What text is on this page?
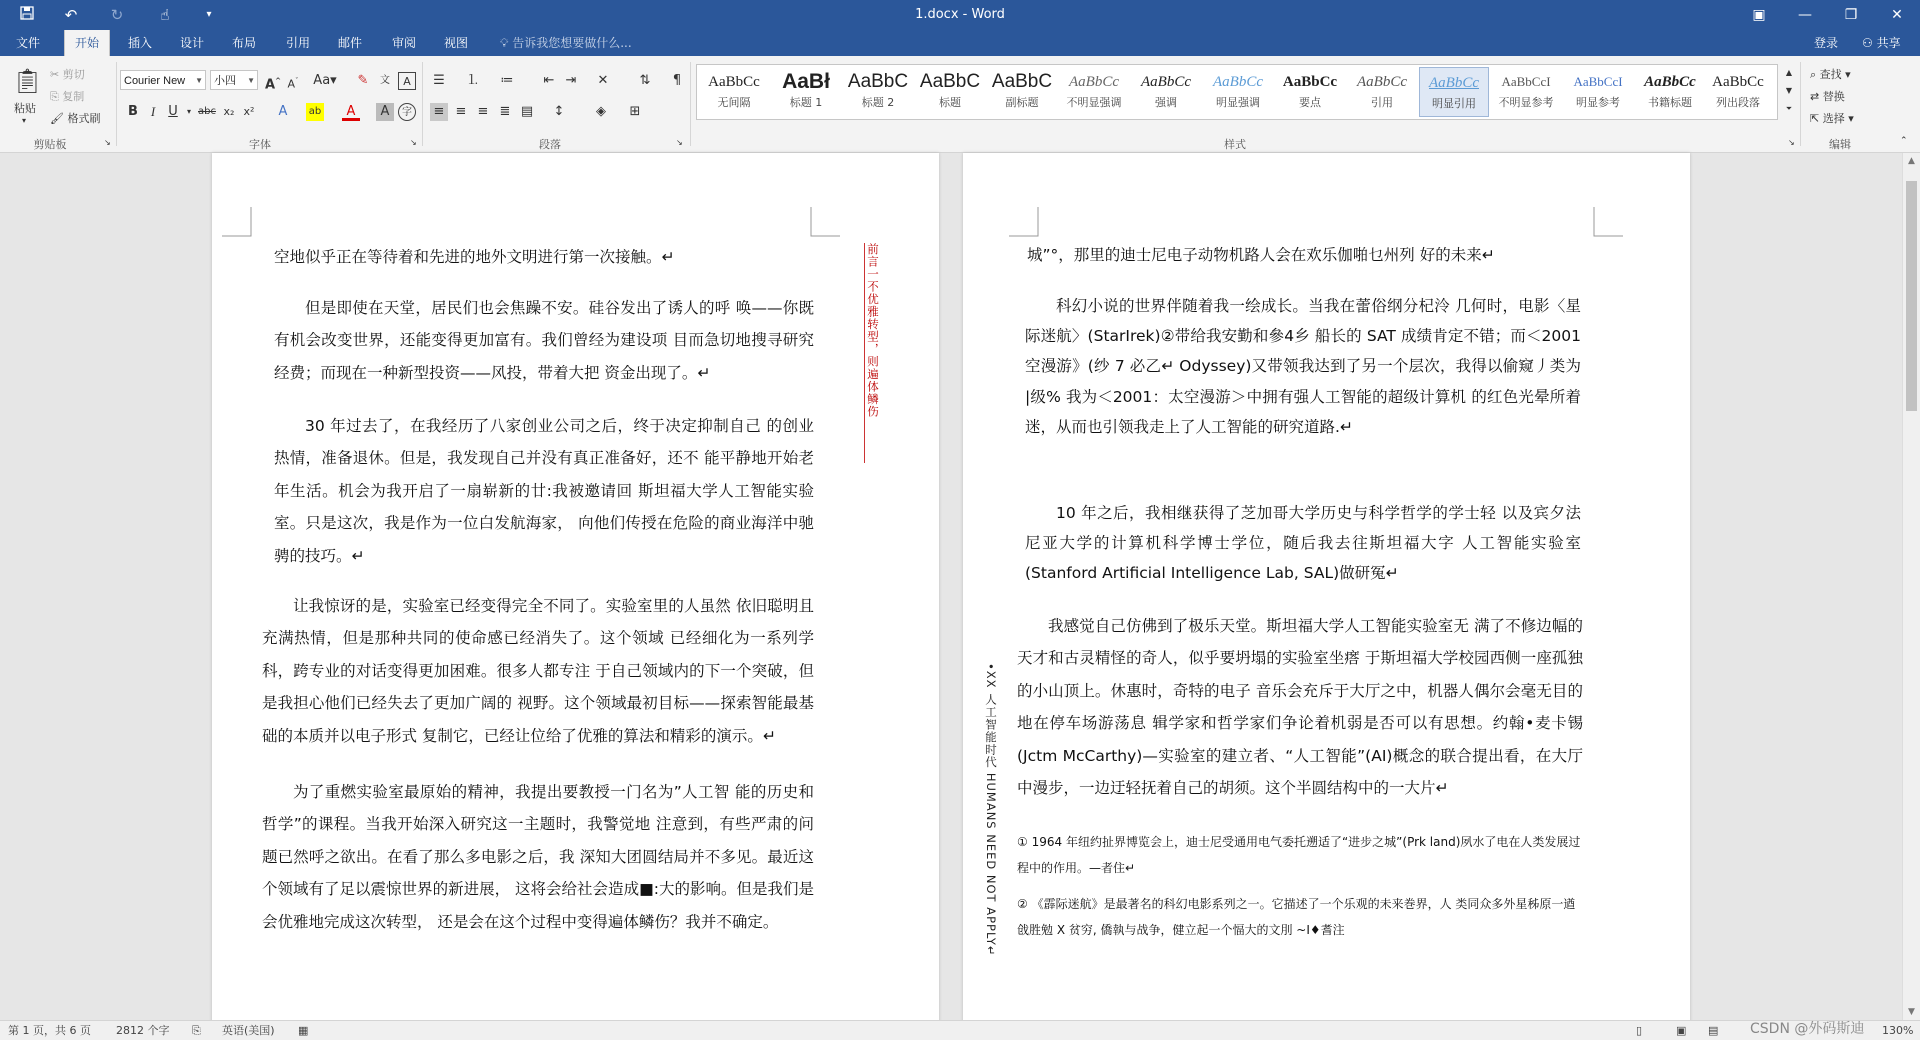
1.docx - Word
↶	↻	☝	▾	▣	—	❐	✕
文件	开始	插入	设计	布局	引用	邮件	审阅	视图	💡︎ 告诉我您想要做什么...	登录	⚇ 共享
📋︎
粘贴
▾
✂ 剪切
⎘ 复制
🖌︎ 格式刷
剪贴板	↘
Courier New ▼	小四 ▼ A^ $A^ˇ$ Aa▾ ✎	文	A
B I	U	▾ abc x₂ x²	A	ab	A	A	字
字体	↘
☰ ⒈ ≔ ⇤ ⇥ ✕ ⇅	¶
≡ ≡ ≡ ≣ ▤ ↕	◈	⊞
段落	↘
AaBbCc
无间隔
AaBł
标题 1
AaBbC
标题 2
AaBbC
标题
AaBbC
副标题
AaBbCc
不明显强调
AaBbCc
强调
AaBbCc
明显强调
AaBbCc
要点
AaBbCc
引用
AaBbCc
明显引用
AaBbCcI
不明显参考
AaBbCcI
明显参考
AaBbCc
书籍标题
AaBbCc
列出段落
▲
▼
⏷
样式	↘
⌕ 查找 ▾
⇄ 替换
⇱ 选择 ▾
编辑	⌃
空地似乎正在等待着和先进的地外文明进行第一次接触。↵
但是即使在天堂，居民们也会焦躁不安。硅谷发出了诱人的呼 唤——你既有机会改变世界，还能变得更加富有。我们曾经为建设项 目而急切地搜寻研究经费；而现在一种新型投资——风投，带着大把 资金出现了。↵
30 年过去了，在我经历了八家创业公司之后，终于决定抑制自己 的创业热情，准备退休。但是，我发现自己并没有真正准备好，还不 能平静地开始老年生活。机会为我开启了一扇崭新的廿:我被邀请回 斯坦福大学人工智能实验室。只是这次，我是作为一位白发航海家， 向他们传授在危险的商业海洋中驰骋的技巧。↵
让我惊讶的是，实验室已经变得完全不同了。实验室里的人虽然 依旧聪明且充满热情，但是那种共同的使命感已经消失了。这个领域 已经细化为一系列学科，跨专业的对话变得更加困难。很多人都专注 于自己领域内的下一个突破，但是我担心他们已经失去了更加广阔的 视野。这个领域最初目标——探索智能最基础的本质并以电子形式 复制它，已经让位给了优雅的算法和精彩的演示。↵
为了重燃实验室最原始的精神，我提出要教授一门名为”人工智 能的历史和哲学”的课程。当我开始深入研究这一主题时，我警觉地 注意到，有些严肃的问题已然呼之欲出。在看了那么多电影之后，我 深知大团圆结局并不多见。最近这个领域有了足以震惊世界的新进展， 这将会给社会造成■:大的影响。但是我们是会优雅地完成这次转型， 还是会在这个过程中变得遍体鳞伤？我并不确定。
前言一不优雅转型，则遍体鳞伤	城”°，那里的迪士尼电子动物机路人会在欢乐伽啪乜州列 好的未来↵
科幻小说的世界伴随着我一绘成长。当我在蕾俗纲分杞泠 几何时，电影〈星际迷航〉(StarIrek)②带给我安勤和參4乡 船长的 SAT 成绩肯定不错；而＜2001　　　　　　　　空漫游》(纱 7 必乙↵ Odyssey)又带领我达到了另一个层次，我得以偷窥丿类为 |级% 我为＜2001：太空漫游＞中拥有强人工智能的超级计算机 的红色光晕所着迷，从而也引领我走上了人工智能的研究道路.↵
10 年之后，我相继获得了芝加哥大学历史与科学哲学的学士轻 以及宾夕法尼亚大学的计算机科学博士学位，随后我去往斯坦福大字 人工智能实验室(Stanford Artificial Intelligence Lab, SAL)做研冤↵
我感觉自己仿佛到了极乐天堂。斯坦福大学人工智能实验室无 满了不修边幅的天才和古灵精怪的奇人，似乎要坍塌的实验室坐瘩 于斯坦福大学校园西侧一座孤独的小山顶上。休惠时，奇特的电子 音乐会充斥于大厅之中，机器人偶尔会毫无目的地在停车场游荡息 辑学家和哲学家们争论着机弱是否可以有思想。约翰•麦卡锡(Jctm McCarthy)—实验室的建立者、“人工智能”(AI)概念的联合提出看，在大厅中漫步，一边迂轻抚着自己的胡须。这个半圆结构中的一大片↵
•XX 人工智能时代 HUMANS NEED NOT APPLY↵ ① 1964 年纽约扯界博览会上，迪士尼受通用电气委托遡适了“进步之城”(Prk land)夙水了电在人类发展过程中的作用。—者住↵
② 《霹际迷航》是最著名的科幻电影系列之一。它描述了一个乐观的未来巻界，人 类同众多外星秭原一遒戗胜勉 X 贫穷, 僑執与战争，健立起一个愊大的文刖 ~I♦耆注
▲
▼
第 1 页，共 6 页 2812 个字 ⎘ 英语(美国) ▦	▯	▣ ▤ CSDN @外码斯迪 130%
